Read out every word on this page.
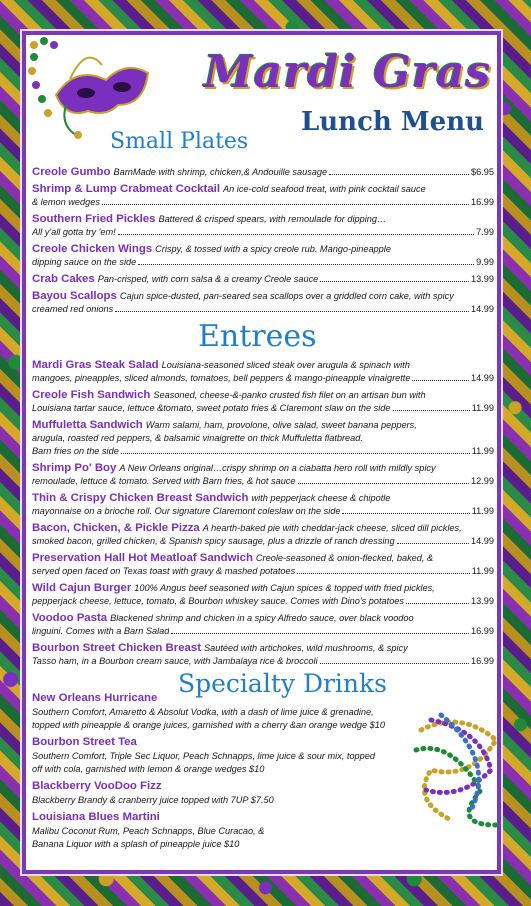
Mardi Gras
Lunch Menu
Small Plates
Creole Gumbo BarnMade with shrimp, chicken,& Andouille sausage	$6.95
Shrimp & Lump Crabmeat Cocktail An ice-cold seafood treat, with pink cocktail sauce
& lemon wedges	16.99
Southern Fried Pickles Battered & crisped spears, with remoulade for dipping…
All y'all gotta try 'em!	7.99
Creole Chicken Wings Crispy, & tossed with a spicy creole rub. Mango-pineapple
dipping sauce on the side	9.99
Crab Cakes Pan-crisped, with corn salsa & a creamy Creole sauce	13.99
Bayou Scallops Cajun spice-dusted, pan-seared sea scallops over a griddled corn cake, with spicy
creamed red onions	14.99
Entrees
Mardi Gras Steak Salad Louisiana-seasoned sliced steak over arugula & spinach with
mangoes, pineapples, sliced almonds, tomatoes, bell peppers & mango-pineapple vinaigrette	14.99
Creole Fish Sandwich Seasoned, cheese-&-panko crusted fish filet on an artisan bun with
Louisiana tartar sauce, lettuce &tomato, sweet potato fries & Claremont slaw on the side	11.99
Muffuletta Sandwich Warm salami, ham, provolone, olive salad, sweet banana peppers,
arugula, roasted red peppers, & balsamic vinaigrette on thick Muffuletta flatbread.
Barn fries on the side	11.99
Shrimp Po' Boy A New Orleans original…crispy shrimp on a ciabatta hero roll with mildly spicy
remoulade, lettuce & tomato. Served with Barn fries, & hot sauce	12.99
Thin & Crispy Chicken Breast Sandwich with pepperjack cheese & chipotle
mayonnaise on a brioche roll. Our signature Claremont coleslaw on the side	11.99
Bacon, Chicken, & Pickle Pizza A hearth-baked pie with cheddar-jack cheese, sliced dill pickles,
smoked bacon, grilled chicken, & Spanish spicy sausage, plus a drizzle of ranch dressing	14.99
Preservation Hall Hot Meatloaf Sandwich Creole-seasoned & onion-flecked, baked, &
served open faced on Texas toast with gravy & mashed potatoes	11.99
Wild Cajun Burger 100% Angus beef seasoned with Cajun spices & topped with fried pickles,
pepperjack cheese, lettuce, tomato, & Bourbon whiskey sauce. Comes with Dino's potatoes	13.99
Voodoo Pasta Blackened shrimp and chicken in a spicy Alfredo sauce, over black voodoo
linguini. Comes with a Barn Salad	16.99
Bourbon Street Chicken Breast Sautéed with artichokes, wild mushrooms, & spicy
Tasso ham, in a Bourbon cream sauce, with Jambalaya rice & broccoli	16.99
Specialty Drinks
New Orleans Hurricane
Southern Comfort, Amaretto & Absolut Vodka, with a dash of lime juice & grenadine,
topped with pineapple & orange juices, garnished with a cherry &an orange wedge $10
Bourbon Street Tea
Southern Comfort, Triple Sec Liquor, Peach Schnapps, lime juice & sour mix, topped
off with cola, garnished with lemon & orange wedges $10
Blackberry VooDoo Fizz
Blackberry Brandy & cranberry juice topped with 7UP $7.50
Louisiana Blues Martini
Malibu Coconut Rum, Peach Schnapps, Blue Curacao, &
Banana Liquor with a splash of pineapple juice $10
